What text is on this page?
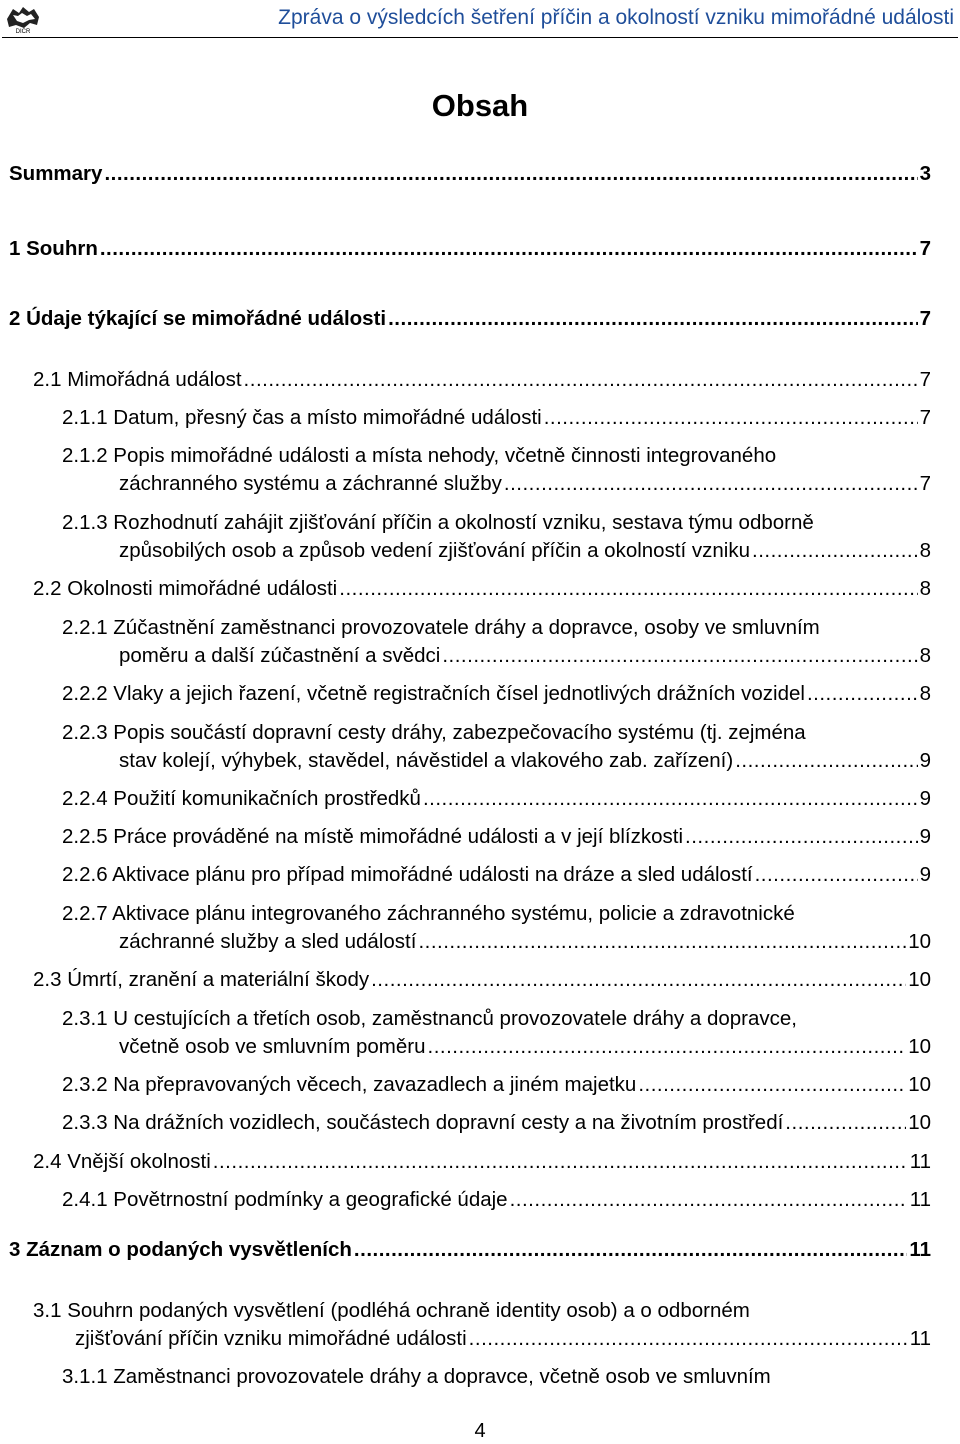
DICR
Zpráva o výsledcích šetření příčin a okolností vzniku mimořádné události
Obsah
Summary .....	3
1 Souhrn .....	7
2 Údaje týkající se mimořádné události .....	7
2.1 Mimořádná událost .....	7
2.1.1 Datum, přesný čas a místo mimořádné události .....	7
2.1.2 Popis mimořádné události a místa nehody, včetně činnosti integrovaného
záchranného systému a záchranné služby .....	7
2.1.3 Rozhodnutí zahájit zjišťování příčin a okolností vzniku, sestava týmu odborně
způsobilých osob a způsob vedení zjišťování příčin a okolností vzniku .....	8
2.2 Okolnosti mimořádné události .....	8
2.2.1 Zúčastnění zaměstnanci provozovatele dráhy a dopravce, osoby ve smluvním
poměru a další zúčastnění a svědci .....	8
2.2.2 Vlaky a jejich řazení, včetně registračních čísel jednotlivých drážních vozidel .....	8
2.2.3 Popis součástí dopravní cesty dráhy, zabezpečovacího systému (tj. zejména
stav kolejí, výhybek, stavědel, návěstidel a vlakového zab. zařízení) .....	9
2.2.4 Použití komunikačních prostředků .....	9
2.2.5 Práce prováděné na místě mimořádné události a v její blízkosti .....	9
2.2.6 Aktivace plánu pro případ mimořádné události na dráze a sled událostí .....	9
2.2.7 Aktivace plánu integrovaného záchranného systému, policie a zdravotnické
záchranné služby a sled událostí .....	10
2.3 Úmrtí, zranění a materiální škody .....	10
2.3.1 U cestujících a třetích osob, zaměstnanců provozovatele dráhy a dopravce,
včetně osob ve smluvním poměru .....	10
2.3.2 Na přepravovaných věcech, zavazadlech a jiném majetku .....	10
2.3.3 Na drážních vozidlech, součástech dopravní cesty a na životním prostředí .....	10
2.4 Vnější okolnosti .....	11
2.4.1 Povětrnostní podmínky a geografické údaje .....	11
3 Záznam o podaných vysvětleních .....	11
3.1 Souhrn podaných vysvětlení (podléhá ochraně identity osob) a o odborném
zjišťování příčin vzniku mimořádné události .....	11
3.1.1 Zaměstnanci provozovatele dráhy a dopravce, včetně osob ve smluvním
4
